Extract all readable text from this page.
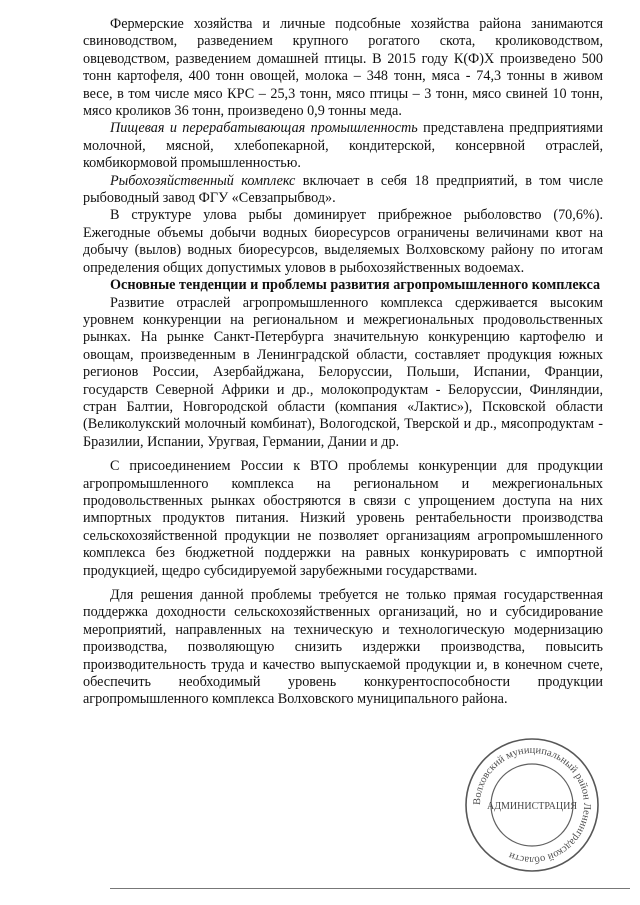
Фермерские хозяйства и личные подсобные хозяйства района занимаются свиноводством, разведением крупного рогатого скота, кролиководством, овцеводством, разведением домашней птицы. В 2015 году К(Ф)Х произведено 500 тонн картофеля, 400 тонн овощей, молока – 348 тонн, мяса - 74,3 тонны в живом весе, в том числе мясо КРС – 25,3 тонн, мясо птицы – 3 тонн, мясо свиней 10 тонн, мясо кроликов 36 тонн, произведено 0,9 тонны меда.

Пищевая и перерабатывающая промышленность представлена предприятиями молочной, мясной, хлебопекарной, кондитерской, консервной отраслей, комбикормовой промышленностью.

Рыбохозяйственный комплекс включает в себя 18 предприятий, в том числе рыбоводный завод ФГУ «Севзапрыбвод».

В структуре улова рыбы доминирует прибрежное рыболовство (70,6%). Ежегодные объемы добычи водных биоресурсов ограничены величинами квот на добычу (вылов) водных биоресурсов, выделяемых Волховскому району по итогам определения общих допустимых уловов в рыбохозяйственных водоемах.

Основные тенденции и проблемы развития агропромышленного комплекса

Развитие отраслей агропромышленного комплекса сдерживается высоким уровнем конкуренции на региональном и межрегиональных продовольственных рынках. На рынке Санкт-Петербурга значительную конкуренцию картофелю и овощам, произведенным в Ленинградской области, составляет продукция южных регионов России, Азербайджана, Белоруссии, Польши, Испании, Франции, государств Северной Африки и др., молокопродуктам - Белоруссии, Финляндии, стран Балтии, Новгородской области (компания «Лактис»), Псковской области (Великолукский молочный комбинат), Вологодской, Тверской и др., мясопродуктам - Бразилии, Испании, Уругвая, Германии, Дании и др.

С присоединением России к ВТО проблемы конкуренции для продукции агропромышленного комплекса на региональном и межрегиональных продовольственных рынках обостряются в связи с упрощением доступа на них импортных продуктов питания. Низкий уровень рентабельности производства сельскохозяйственной продукции не позволяет организациям агропромышленного комплекса без бюджетной поддержки на равных конкурировать с импортной продукцией, щедро субсидируемой зарубежными государствами.

Для решения данной проблемы требуется не только прямая государственная поддержка доходности сельскохозяйственных организаций, но и субсидирование мероприятий, направленных на техническую и технологическую модернизацию производства, позволяющую снизить издержки производства, повысить производительность труда и качество выпускаемой продукции и, в конечном счете, обеспечить необходимый уровень конкурентоспособности продукции агропромышленного комплекса Волховского муниципального района.

Волховский муниципальный район Ленинградской области
АДМИНИСТРАЦИЯ
